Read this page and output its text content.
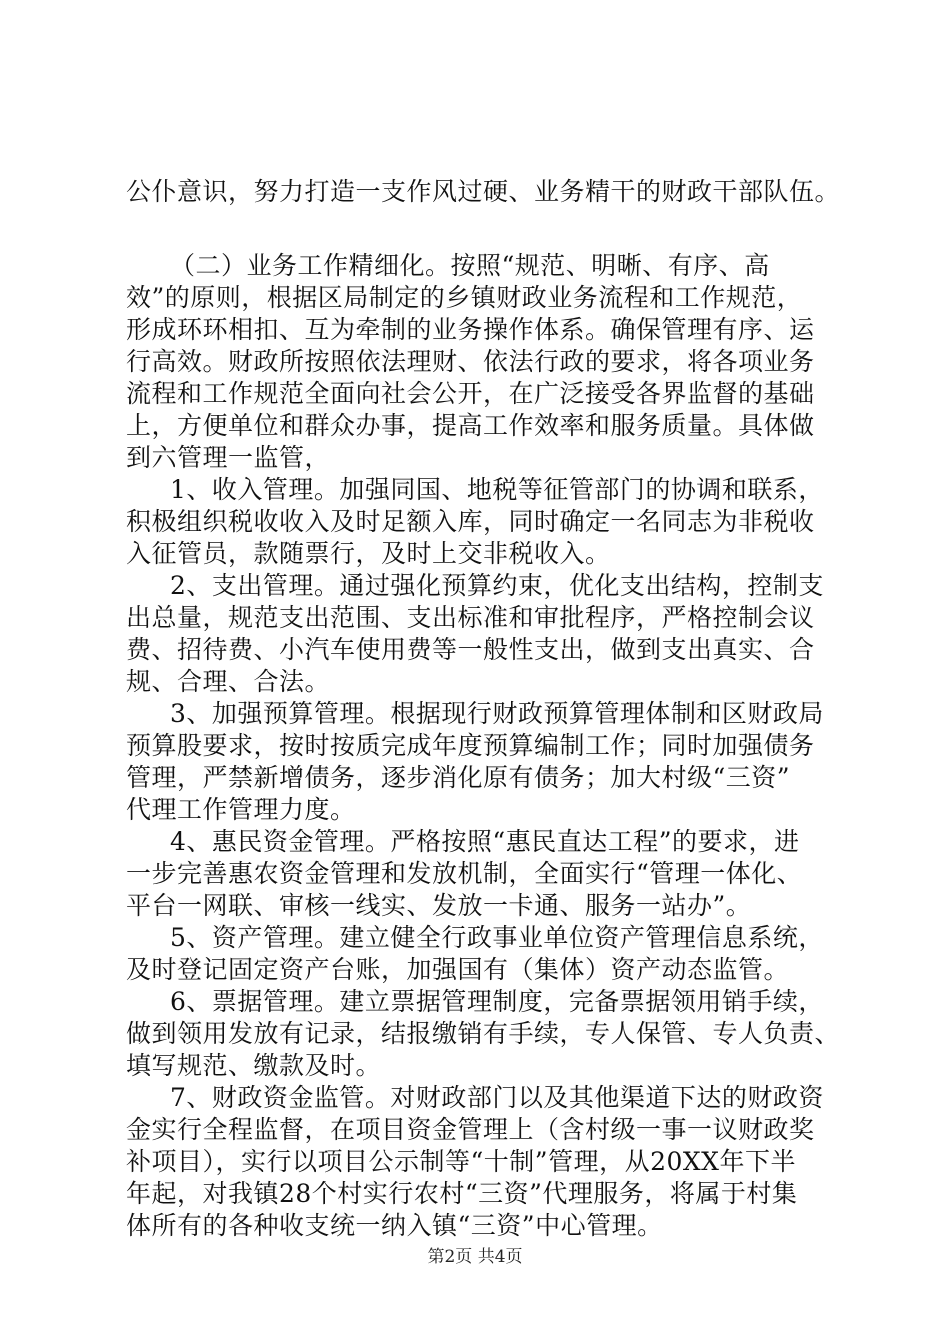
公仆意识，努力打造一支作风过硬、业务精干的财政干部队伍。
（二）业务工作精细化。按照“规范、明晰、有序、高
效”的原则，根据区局制定的乡镇财政业务流程和工作规范，
形成环环相扣、互为牵制的业务操作体系。确保管理有序、运
行高效。财政所按照依法理财、依法行政的要求，将各项业务
流程和工作规范全面向社会公开，在广泛接受各界监督的基础
上，方便单位和群众办事，提高工作效率和服务质量。具体做
到六管理一监管，
1、收入管理。加强同国、地税等征管部门的协调和联系，
积极组织税收收入及时足额入库，同时确定一名同志为非税收
入征管员，款随票行，及时上交非税收入。
2、支出管理。通过强化预算约束，优化支出结构，控制支
出总量，规范支出范围、支出标准和审批程序，严格控制会议
费、招待费、小汽车使用费等一般性支出，做到支出真实、合
规、合理、合法。
3、加强预算管理。根据现行财政预算管理体制和区财政局
预算股要求，按时按质完成年度预算编制工作；同时加强债务
管理，严禁新增债务，逐步消化原有债务；加大村级“三资”
代理工作管理力度。
4、惠民资金管理。严格按照“惠民直达工程”的要求，进
一步完善惠农资金管理和发放机制，全面实行“管理一体化、
平台一网联、审核一线实、发放一卡通、服务一站办”。
5、资产管理。建立健全行政事业单位资产管理信息系统，
及时登记固定资产台账，加强国有（集体）资产动态监管。
6、票据管理。建立票据管理制度，完备票据领用销手续，
做到领用发放有记录，结报缴销有手续，专人保管、专人负责、
填写规范、缴款及时。
7、财政资金监管。对财政部门以及其他渠道下达的财政资
金实行全程监督，在项目资金管理上（含村级一事一议财政奖
补项目），实行以项目公示制等“十制”管理，从20XX年下半
年起，对我镇28个村实行农村“三资”代理服务，将属于村集
体所有的各种收支统一纳入镇“三资”中心管理。
第2页 共4页
